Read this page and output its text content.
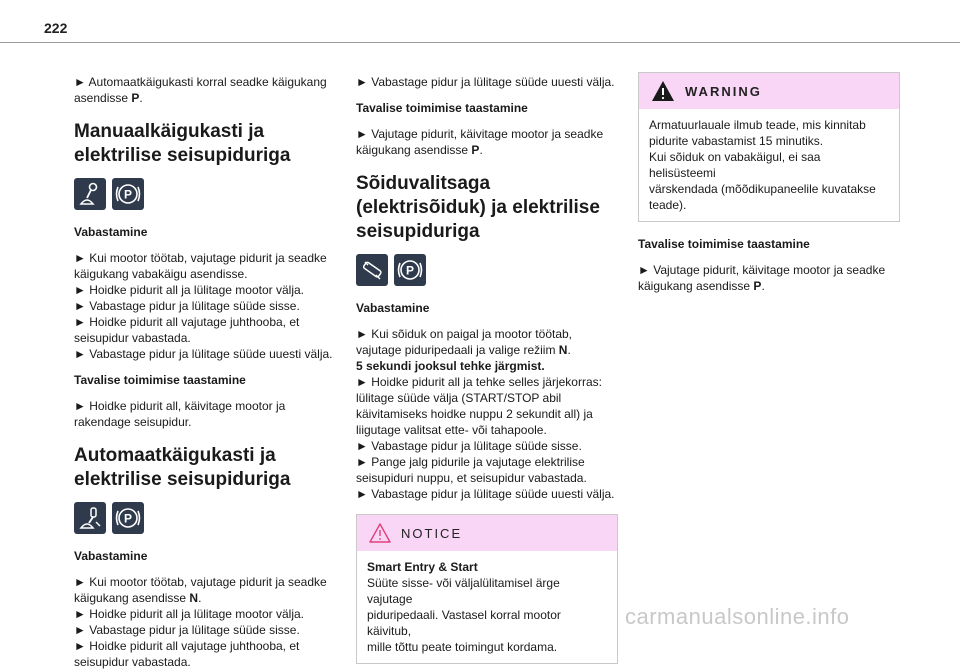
222

► Automaatkäigukasti korral seadke käigukang asendisse P.

Manuaalkäigukasti ja
elektrilise seisupiduriga
P

Vabastamine

► Kui mootor töötab, vajutage pidurit ja seadke

käigukang vabakäigu asendisse.

► Hoidke pidurit all ja lülitage mootor välja.

► Vabastage pidur ja lülitage süüde sisse.

► Hoidke pidurit all vajutage juhthooba, et

seisupidur vabastada.

► Vabastage pidur ja lülitage süüde uuesti välja.

Tavalise toimimise taastamine

► Hoidke pidurit all, käivitage mootor ja

rakendage seisupidur.

Automaatkäigukasti ja
elektrilise seisupiduriga
P

Vabastamine

► Kui mootor töötab, vajutage pidurit ja seadke

käigukang asendisse N.

► Hoidke pidurit all ja lülitage mootor välja.

► Vabastage pidur ja lülitage süüde sisse.

► Hoidke pidurit all vajutage juhthooba, et

seisupidur vabastada.

► Vabastage pidur ja lülitage süüde uuesti välja.

Tavalise toimimise taastamine

► Vajutage pidurit, käivitage mootor ja seadke

käigukang asendisse P.

Sõiduvalitsaga
(elektrisõiduk) ja elektrilise
seisupiduriga
P

Vabastamine

► Kui sõiduk on paigal ja mootor töötab,

vajutage piduripedaali ja valige režiim N.

5 sekundi jooksul tehke järgmist.

► Hoidke pidurit all ja tehke selles järjekorras:

lülitage süüde välja (START/STOP abil

käivitamiseks hoidke nuppu 2 sekundit all) ja

liigutage valitsat ette- või tahapoole.

► Vabastage pidur ja lülitage süüde sisse.

► Pange jalg pidurile ja vajutage elektrilise

seisupiduri nuppu, et seisupidur vabastada.

► Vabastage pidur ja lülitage süüde uuesti välja.

NOTICE

Smart Entry & Start

Süüte sisse- või väljalülitamisel ärge vajutage

piduripedaali. Vastasel korral mootor käivitub,

mille tõttu peate toimingut kordama.

WARNING

Armatuurlauale ilmub teade, mis kinnitab

pidurite vabastamist 15 minutiks.

Kui sõiduk on vabakäigul, ei saa helisüsteemi

värskendada (mõõdikupaneelile kuvatakse

teade).

Tavalise toimimise taastamine

► Vajutage pidurit, käivitage mootor ja seadke

käigukang asendisse P.

carmanualsonline.info
